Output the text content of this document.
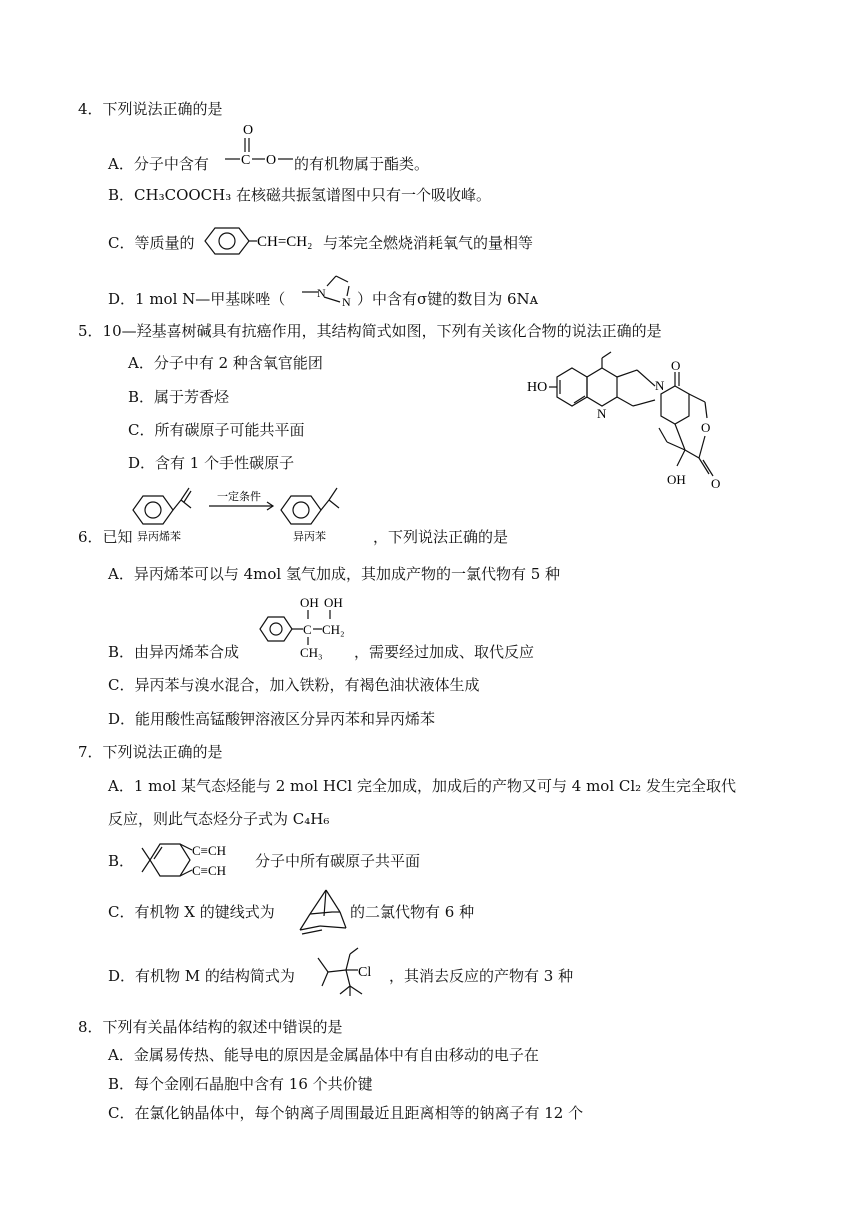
4．下列说法正确的是
O
C O
A．分子中含有	的有机物属于酯类。
B．CH₃COOCH₃ 在核磁共振氢谱图中只有一个吸收峰。
C．等质量的	CH=CH₂ 与苯完全燃烧消耗氧气的量相等
D．1 mol N—甲基咪唑（	N
N ）中含有σ键的数目为 6Nᴀ
5．10—羟基喜树碱具有抗癌作用，其结构简式如图，下列有关该化合物的说法正确的是
A．分子中有 2 种含氧官能团
B．属于芳香烃
C．所有碳原子可能共平面
D．含有 1 个手性碳原子
HO
N
N
O
O
O
OH
6．已知 异丙烯苯
一定条件
异丙苯	，下列说法正确的是
A．异丙烯苯可以与 4mol 氢气加成，其加成产物的一氯代物有 5 种
B．由异丙烯苯合成
OH OH
C CH₂
CH₃ ，需要经过加成、取代反应
C．异丙苯与溴水混合，加入铁粉，有褐色油状液体生成
D．能用酸性高锰酸钾溶液区分异丙苯和异丙烯苯
7．下列说法正确的是
A．1 mol 某气态烃能与 2 mol HCl 完全加成，加成后的产物又可与 4 mol Cl₂ 发生完全取代
反应，则此气态烃分子式为 C₄H₆
B．
C≡CH
C≡CH
分子中所有碳原子共平面
C．有机物 X 的键线式为	的二氯代物有 6 种
D．有机物 M 的结构简式为	Cl ，其消去反应的产物有 3 种
8．下列有关晶体结构的叙述中错误的是
A．金属易传热、能导电的原因是金属晶体中有自由移动的电子在
B．每个金刚石晶胞中含有 16 个共价键
C．在氯化钠晶体中，每个钠离子周围最近且距离相等的钠离子有 12 个
